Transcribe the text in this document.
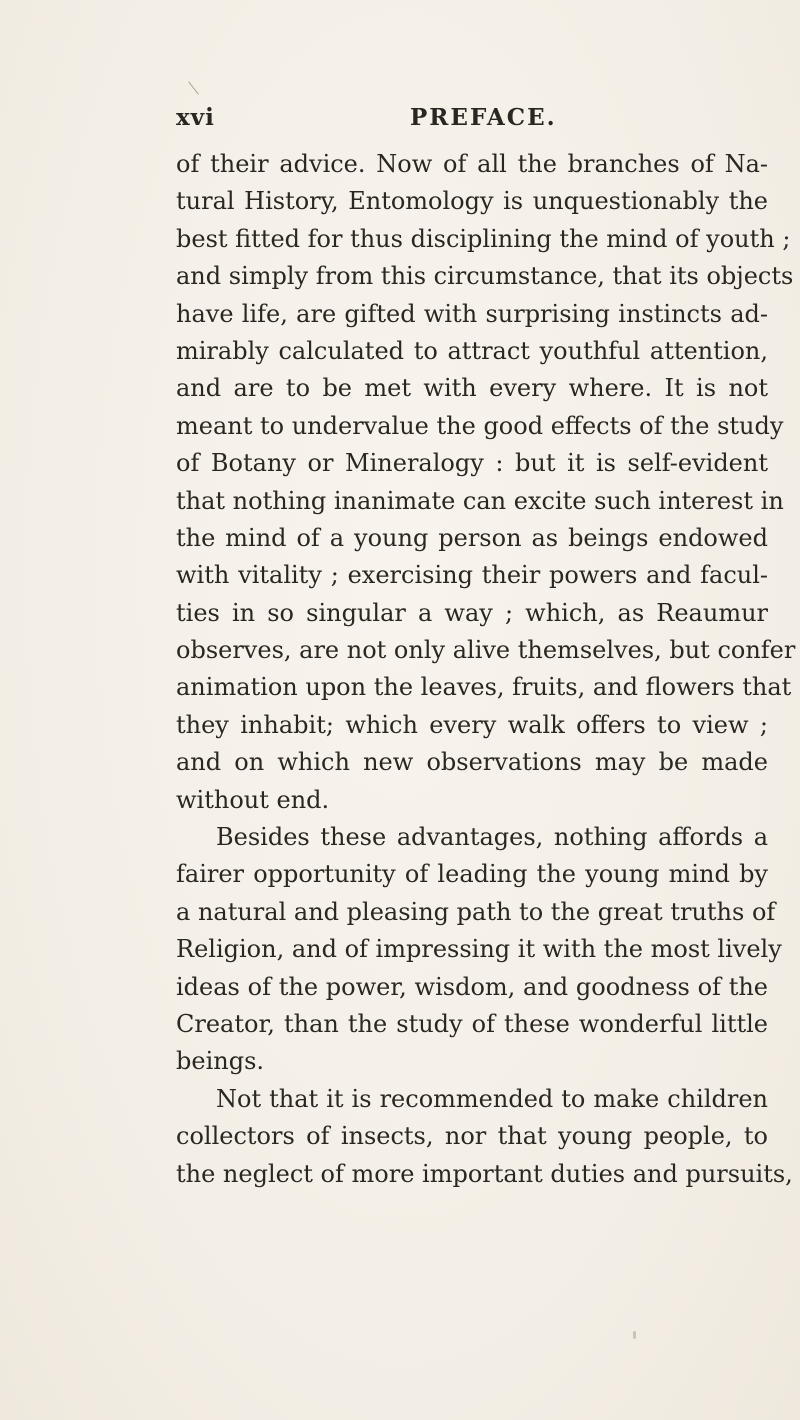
xvi	PREFACE.
of their advice. Now of all the branches of Na-
tural History, Entomology is unquestionably the
best fitted for thus disciplining the mind of youth ;
and simply from this circumstance, that its objects
have life, are gifted with surprising instincts ad-
mirably calculated to attract youthful attention,
and are to be met with every where. It is not
meant to undervalue the good effects of the study
of Botany or Mineralogy : but it is self-evident
that nothing inanimate can excite such interest in
the mind of a young person as beings endowed
with vitality ; exercising their powers and facul-
ties in so singular a way ; which, as Reaumur
observes, are not only alive themselves, but confer
animation upon the leaves, fruits, and flowers that
they inhabit; which every walk offers to view ;
and on which new observations may be made
without end.
Besides these advantages, nothing affords a
fairer opportunity of leading the young mind by
a natural and pleasing path to the great truths of
Religion, and of impressing it with the most lively
ideas of the power, wisdom, and goodness of the
Creator, than the study of these wonderful little
beings.
Not that it is recommended to make children
collectors of insects, nor that young people, to
the neglect of more important duties and pursuits,
